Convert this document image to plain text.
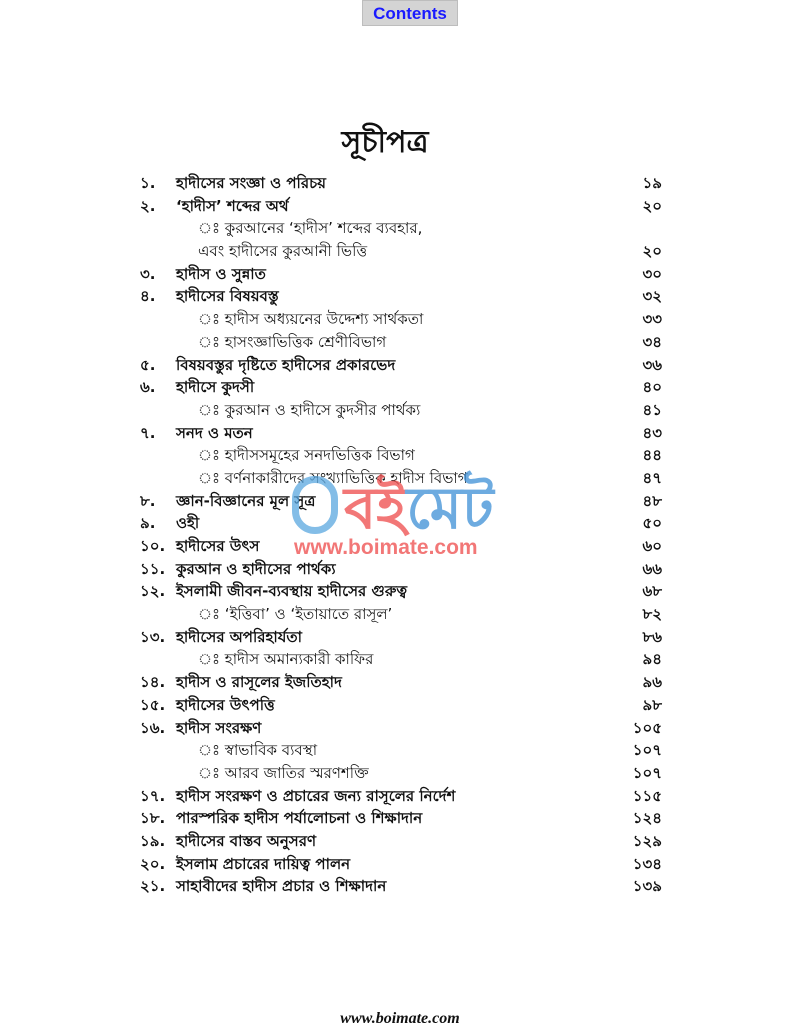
Contents
সূচীপত্র
১. হাদীসের সংজ্ঞা ও পরিচয়	১৯
২. ‘হাদীস’ শব্দের অর্থ	২০
ঃ কুরআনের ‘হাদীস’ শব্দের ব্যবহার,
এবং হাদীসের কুরআনী ভিত্তি	২০
৩. হাদীস ও সুন্নাত	৩০
৪. হাদীসের বিষয়বস্তু	৩২
ঃ হাদীস অধ্যয়নের উদ্দেশ্য সার্থকতা	৩৩
ঃ হাসংজ্ঞাভিত্তিক শ্রেণীবিভাগ	৩৪
৫. বিষয়বস্তুর দৃষ্টিতে হাদীসের প্রকারভেদ	৩৬
৬. হাদীসে কুদসী	৪০
ঃ কুরআন ও হাদীসে কুদসীর পার্থক্য	৪১
৭. সনদ ও মতন	৪৩
ঃ হাদীসসমূহের সনদভিত্তিক বিভাগ	৪৪
ঃ বর্ণনাকারীদের সংখ্যাভিত্তিক হাদীস বিভাগ	৪৭
৮. জ্ঞান-বিজ্ঞানের মূল সূত্র	৪৮
৯. ওহী	৫০
১০. হাদীসের উৎস	৬০
১১. কুরআন ও হাদীসের পার্থক্য	৬৬
১২. ইসলামী জীবন-ব্যবস্থায় হাদীসের গুরুত্ব	৬৮
ঃ ‘ইত্তিবা’ ও ‘ইতায়াতে রাসূল’	৮২
১৩. হাদীসের অপরিহার্যতা	৮৬
ঃ হাদীস অমান্যকারী কাফির	৯৪
১৪. হাদীস ও রাসূলের ইজতিহাদ	৯৬
১৫. হাদীসের উৎপত্তি	৯৮
১৬. হাদীস সংরক্ষণ	১০৫
ঃ স্বাভাবিক ব্যবস্থা	১০৭
ঃ আরব জাতির স্মরণশক্তি	১০৭
১৭. হাদীস সংরক্ষণ ও প্রচারের জন্য রাসূলের নির্দেশ	১১৫
১৮. পারস্পরিক হাদীস পর্যালোচনা ও শিক্ষাদান	১২৪
১৯. হাদীসের বাস্তব অনুসরণ	১২৯
২০. ইসলাম প্রচারের দায়িত্ব পালন	১৩৪
২১. সাহাবীদের হাদীস প্রচার ও শিক্ষাদান	১৩৯
বইমেট
www.boimate.com
www.boimate.com
